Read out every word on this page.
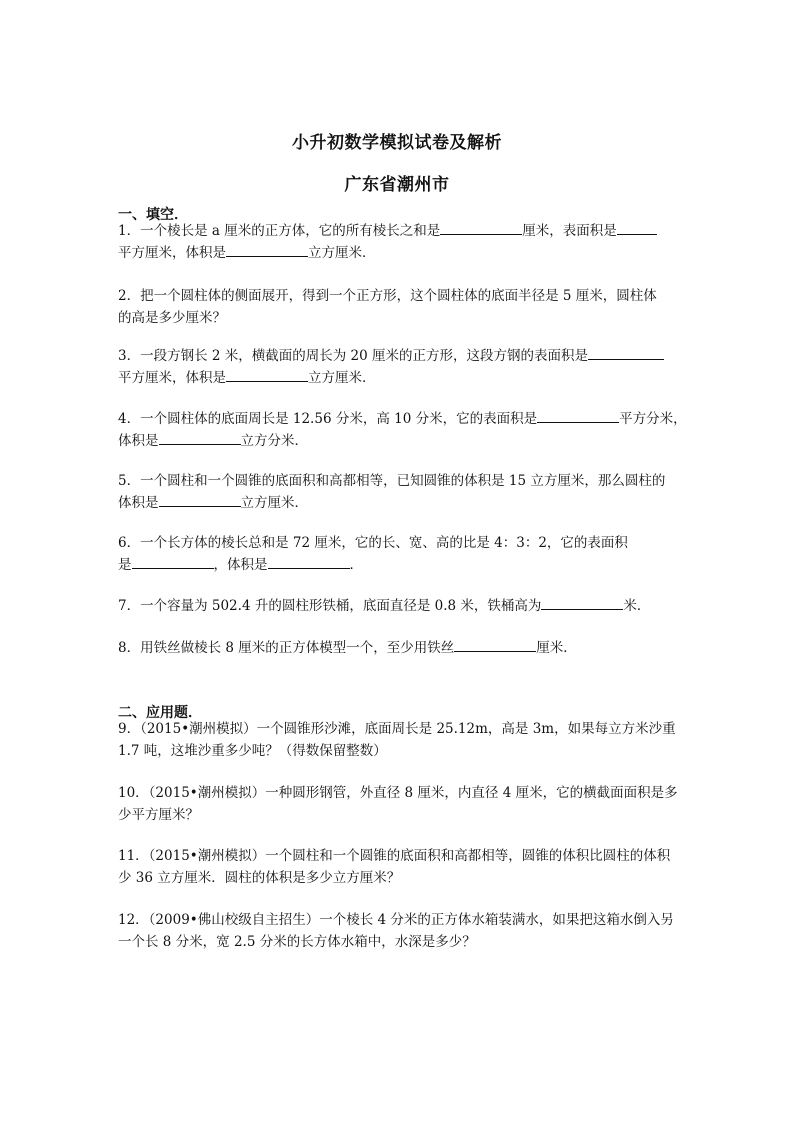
小升初数学模拟试卷及解析
广东省潮州市
一、填空．
1．一个棱长是 a 厘米的正方体，它的所有棱长之和是	厘米，表面积是
平方厘米，体积是	立方厘米．
2．把一个圆柱体的侧面展开，得到一个正方形，这个圆柱体的底面半径是 5 厘米，圆柱体
的高是多少厘米？
3．一段方钢长 2 米，横截面的周长为 20 厘米的正方形，这段方钢的表面积是
平方厘米，体积是	立方厘米．
4．一个圆柱体的底面周长是 12.56 分米，高 10 分米，它的表面积是	平方分米，
体积是	立方分米．
5．一个圆柱和一个圆锥的底面积和高都相等，已知圆锥的体积是 15 立方厘米，那么圆柱的
体积是	立方厘米．
6．一个长方体的棱长总和是 72 厘米，它的长、宽、高的比是 4：3：2，它的表面积
是	，体积是	．
7．一个容量为 502.4 升的圆柱形铁桶，底面直径是 0.8 米，铁桶高为	米．
8．用铁丝做棱长 8 厘米的正方体模型一个，至少用铁丝	厘米．
二、应用题．
9．（2015•潮州模拟）一个圆锥形沙滩，底面周长是 25.12m，高是 3m，如果每立方米沙重
1.7 吨，这堆沙重多少吨？（得数保留整数）
10．（2015•潮州模拟）一种圆形钢管，外直径 8 厘米，内直径 4 厘米，它的横截面面积是多
少平方厘米？
11．（2015•潮州模拟）一个圆柱和一个圆锥的底面积和高都相等，圆锥的体积比圆柱的体积
少 36 立方厘米．圆柱的体积是多少立方厘米？
12．（2009•佛山校级自主招生）一个棱长 4 分米的正方体水箱装满水，如果把这箱水倒入另
一个长 8 分米，宽 2.5 分米的长方体水箱中，水深是多少？
